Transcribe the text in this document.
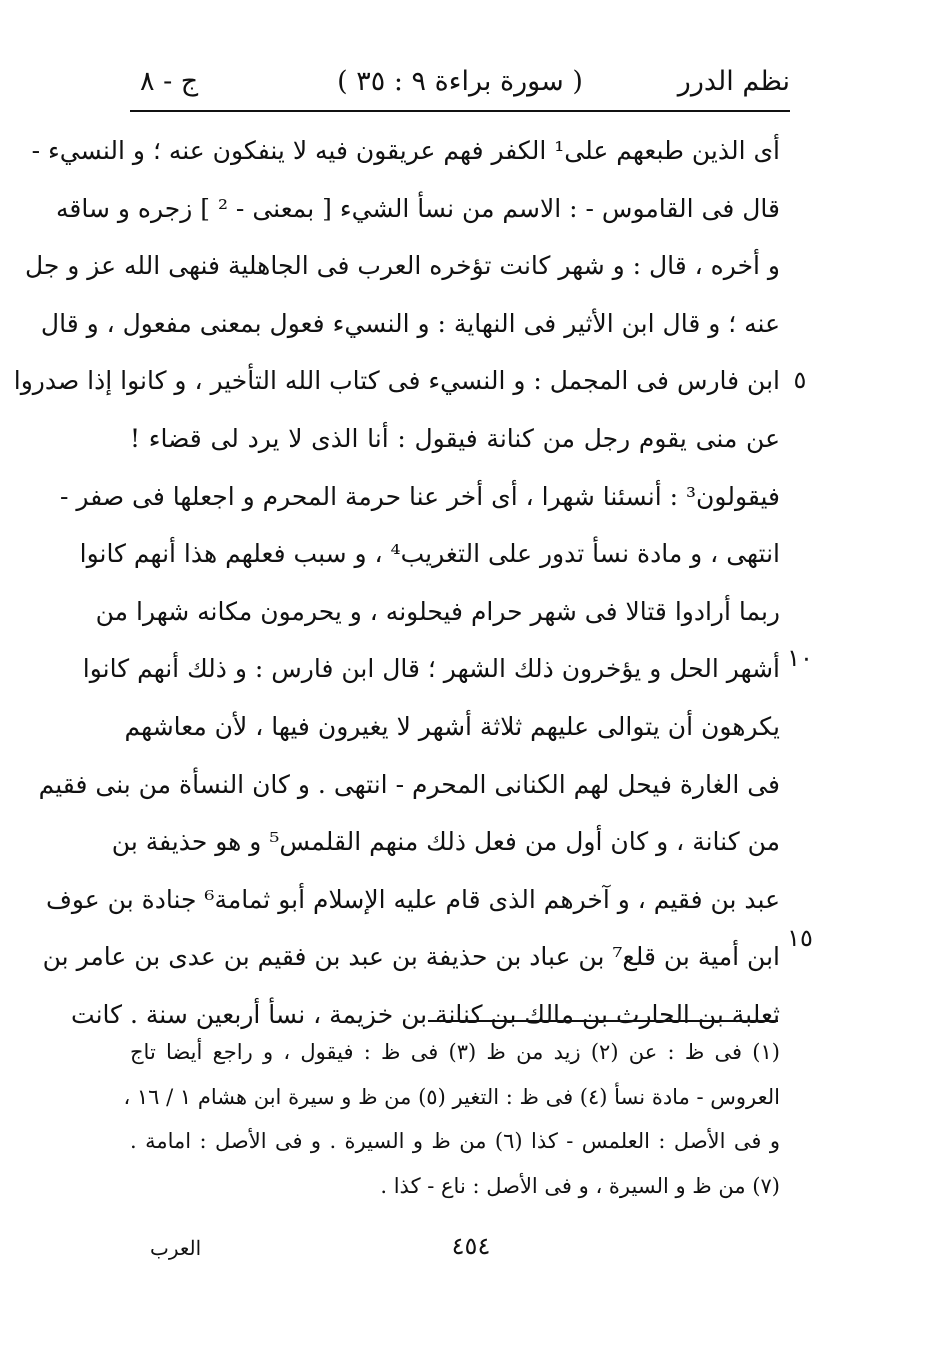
نظم الدرر
( سورة براءة ٩ : ٣٥ )
ج - ٨
أى الذين طبعهم على¹ الكفر فهم عريقون فيه لا ينفكون عنه ؛ و النسيء -
قال فى القاموس - : الاسم من نسأ الشيء [ بمعنى - ² ] زجره و ساقه
و أخره ، قال : و شهر كانت تؤخره العرب فى الجاهلية فنهى الله عز و جل
عنه ؛ و قال ابن الأثير فى النهاية : و النسيء فعول بمعنى مفعول ، و قال
ابن فارس فى المجمل : و النسيء فى كتاب الله التأخير ، و كانوا إذا صدروا
عن منى يقوم رجل من كنانة فيقول : أنا الذى لا يرد لى قضاء !
فيقولون³ : أنسئنا شهرا ، أى أخر عنا حرمة المحرم و اجعلها فى صفر -
انتهى ، و مادة نسأ تدور على التغريب⁴ ، و سبب فعلهم هذا أنهم كانوا
ربما أرادوا قتالا فى شهر حرام فيحلونه ، و يحرمون مكانه شهرا من
أشهر الحل و يؤخرون ذلك الشهر ؛ قال ابن فارس : و ذلك أنهم كانوا
يكرهون أن يتوالى عليهم ثلاثة أشهر لا يغيرون فيها ، لأن معاشهم
فى الغارة فيحل لهم الكنانى المحرم - انتهى . و كان النسأة من بنى فقيم
من كنانة ، و كان أول من فعل ذلك منهم القلمس⁵ و هو حذيفة بن
عبد بن فقيم ، و آخرهم الذى قام عليه الإسلام أبو ثمامة⁶ جنادة بن عوف
ابن أمية بن قلع⁷ بن عباد بن حذيفة بن عبد بن فقيم بن عدى بن عامر بن
ثعلبة بن الحارث بن مالك بن كنانة بن خزيمة ، نسأ أربعين سنة . كانت
٥
١٠
١٥
(١) فى ظ : عن (٢) زيد من ظ (٣) فى ظ : فيقول ، و راجع أيضا تاج
العروس - مادة نسأ (٤) فى ظ : التغير (٥) من ظ و سيرة ابن هشام ١ / ١٦ ،
و فى الأصل : العلمس - كذا (٦) من ظ و السيرة . و فى الأصل : امامة .
(٧) من ظ و السيرة ، و فى الأصل : ناع - كذا .
٤٥٤
العرب
